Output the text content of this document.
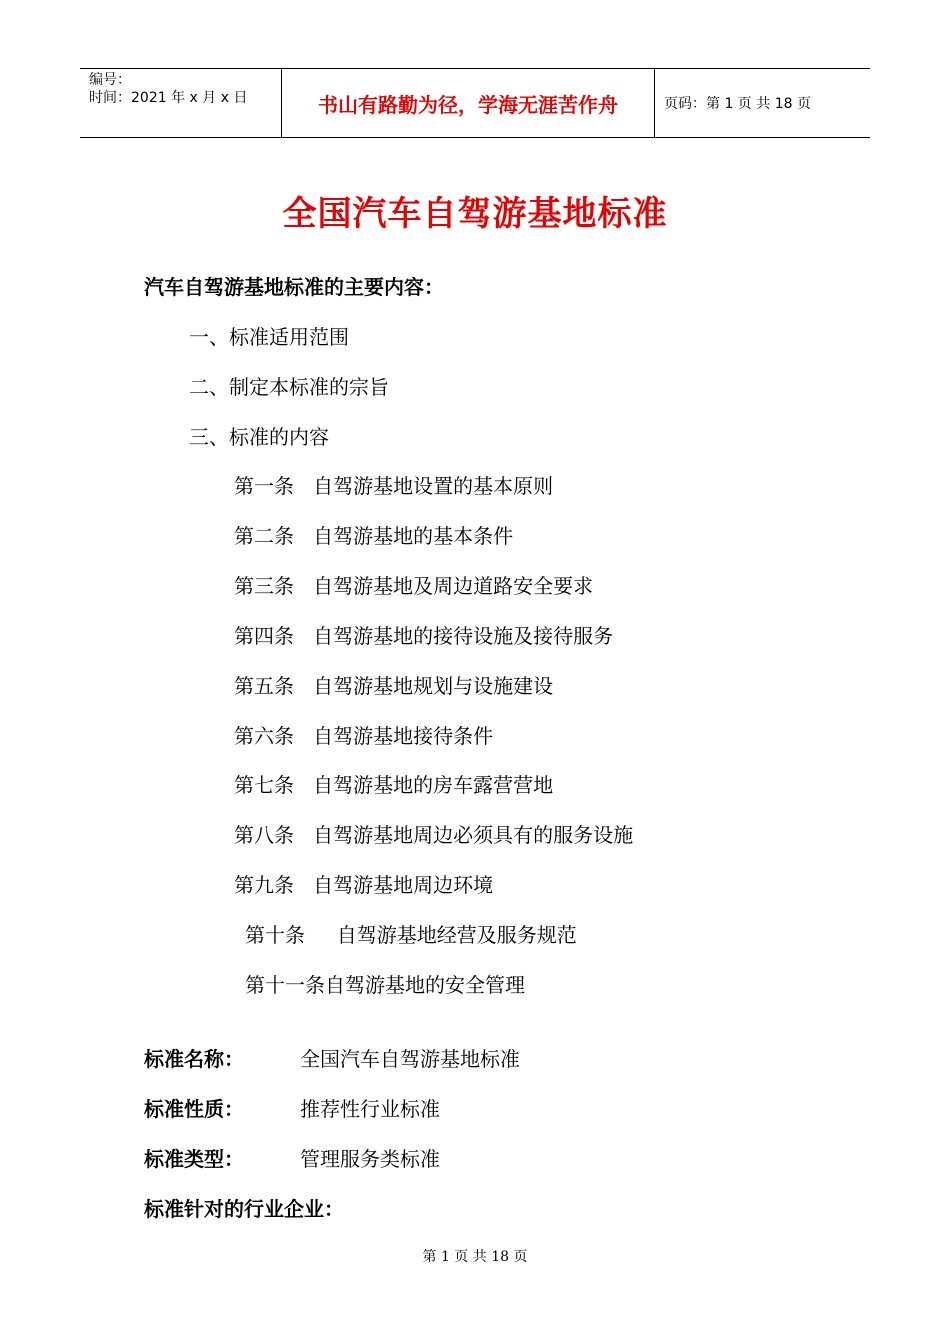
编号：
时间：2021 年 x 月 x 日	书山有路勤为径，学海无涯苦作舟	页码：第 1 页 共 18 页
全国汽车自驾游基地标准
汽车自驾游基地标准的主要内容：
一、标准适用范围
二、制定本标准的宗旨
三、标准的内容
第一条 自驾游基地设置的基本原则
第二条 自驾游基地的基本条件
第三条 自驾游基地及周边道路安全要求
第四条 自驾游基地的接待设施及接待服务
第五条 自驾游基地规划与设施建设
第六条 自驾游基地接待条件
第七条 自驾游基地的房车露营营地
第八条 自驾游基地周边必须具有的服务设施
第九条 自驾游基地周边环境
第十条 自驾游基地经营及服务规范
第十一条自驾游基地的安全管理
标准名称：	全国汽车自驾游基地标准
标准性质：	推荐性行业标准
标准类型：	管理服务类标准
标准针对的行业企业：
第 1 页 共 18 页
